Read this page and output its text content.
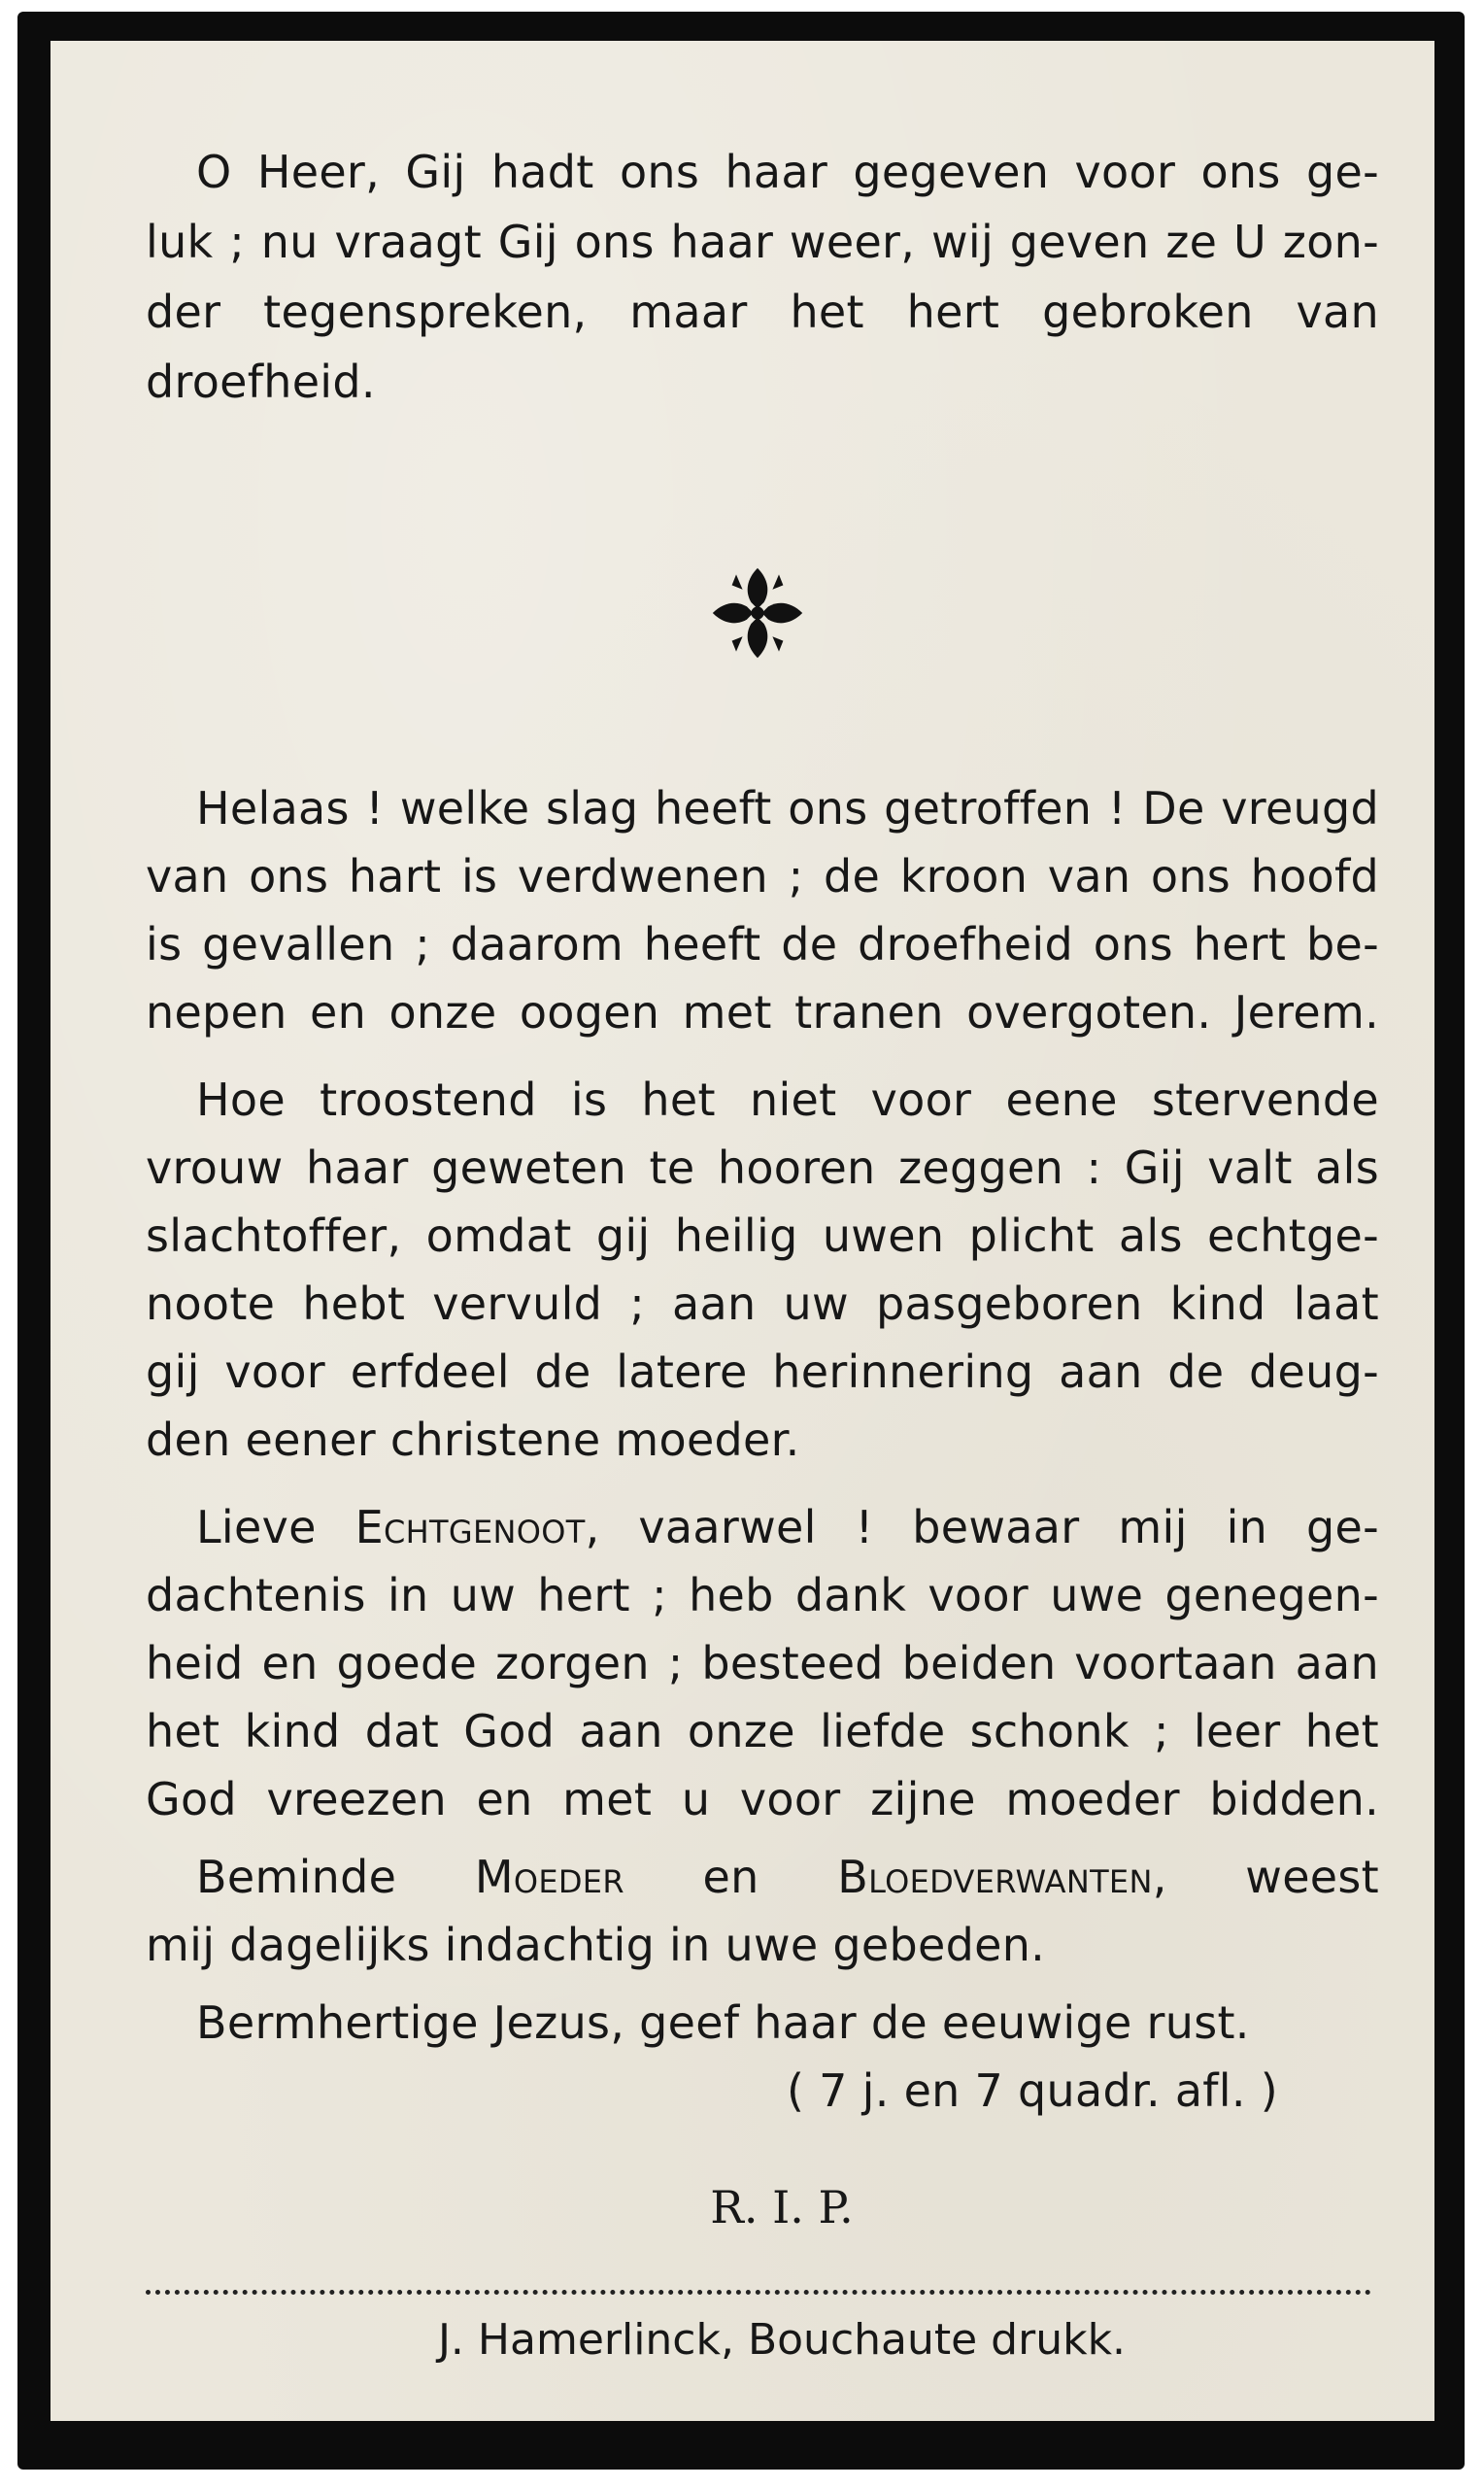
O Heer, Gij hadt ons haar gegeven voor ons ge-

luk ; nu vraagt Gij ons haar weer, wij geven ze U zon-

der tegenspreken, maar het hert gebroken van

droefheid.

Helaas ! welke slag heeft ons getroffen ! De vreugd

van ons hart is verdwenen ; de kroon van ons hoofd

is gevallen ; daarom heeft de droefheid ons hert be-

nepen en onze oogen met tranen overgoten. Jerem.

Hoe troostend is het niet voor eene stervende

vrouw haar geweten te hooren zeggen : Gij valt als

slachtoffer, omdat gij heilig uwen plicht als echtge-

noote hebt vervuld ; aan uw pasgeboren kind laat

gij voor erfdeel de latere herinnering aan de deug-

den eener christene moeder.

Lieve Echtgenoot, vaarwel ! bewaar mij in ge-

dachtenis in uw hert ; heb dank voor uwe genegen-

heid en goede zorgen ; besteed beiden voortaan aan

het kind dat God aan onze liefde schonk ; leer het

God vreezen en met u voor zijne moeder bidden.

Beminde Moeder en Bloedverwanten, weest

mij dagelijks indachtig in uwe gebeden.

Bermhertige Jezus, geef haar de eeuwige rust.

( 7 j. en 7 quadr. afl. )

R. I. P.

J. Hamerlinck, Bouchaute drukk.
